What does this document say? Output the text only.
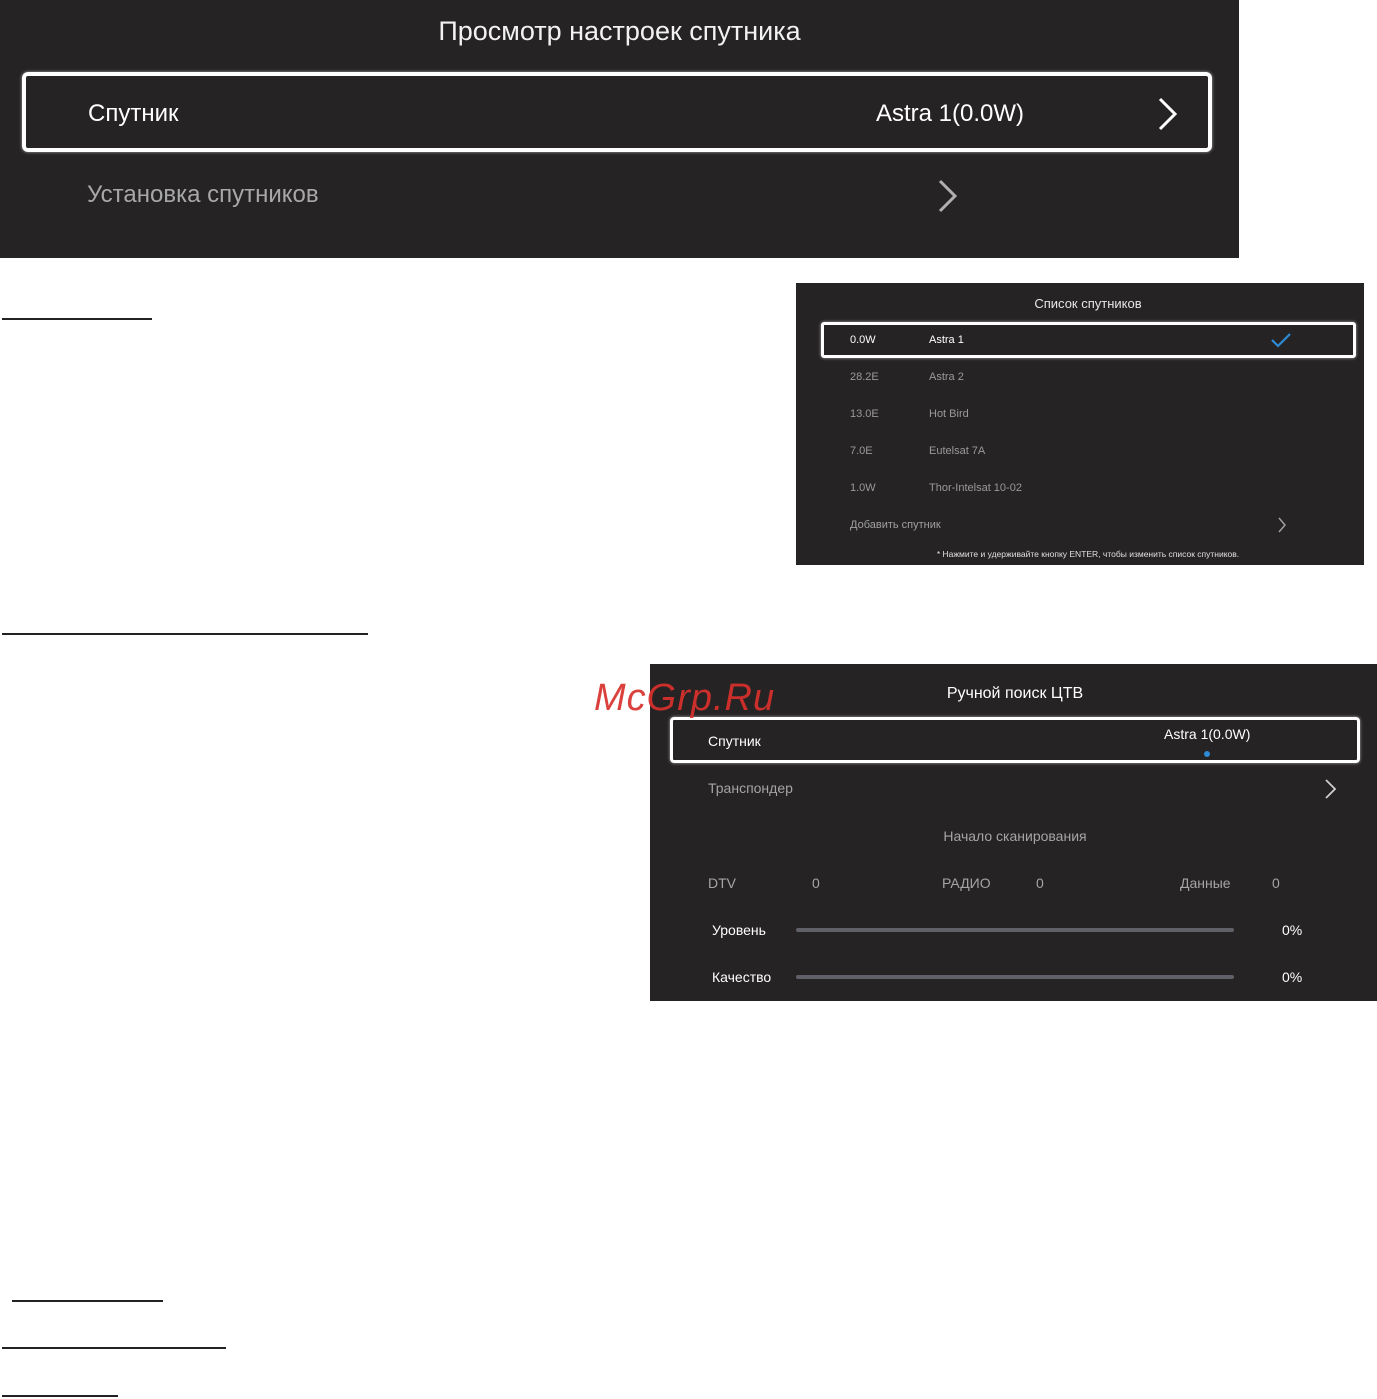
Просмотр настроек спутника
Спутник	Astra 1(0.0W)
Установка спутников
Список спутников
0.0W	Astra 1
28.2E	Astra 2
13.0E	Hot Bird
7.0E	Eutelsat 7A
1.0W	Thor-Intelsat 10-02
Добавить спутник
* Нажмите и удерживайте кнопку ENTER, чтобы изменить список спутников.
Ручной поиск ЦТВ
Спутник	Astra 1(0.0W)
Транспондер
Начало сканирования
DTV	0	РАДИО	0	Данные	0
Уровень	0%
Качество	0%
McGrp.Ru
